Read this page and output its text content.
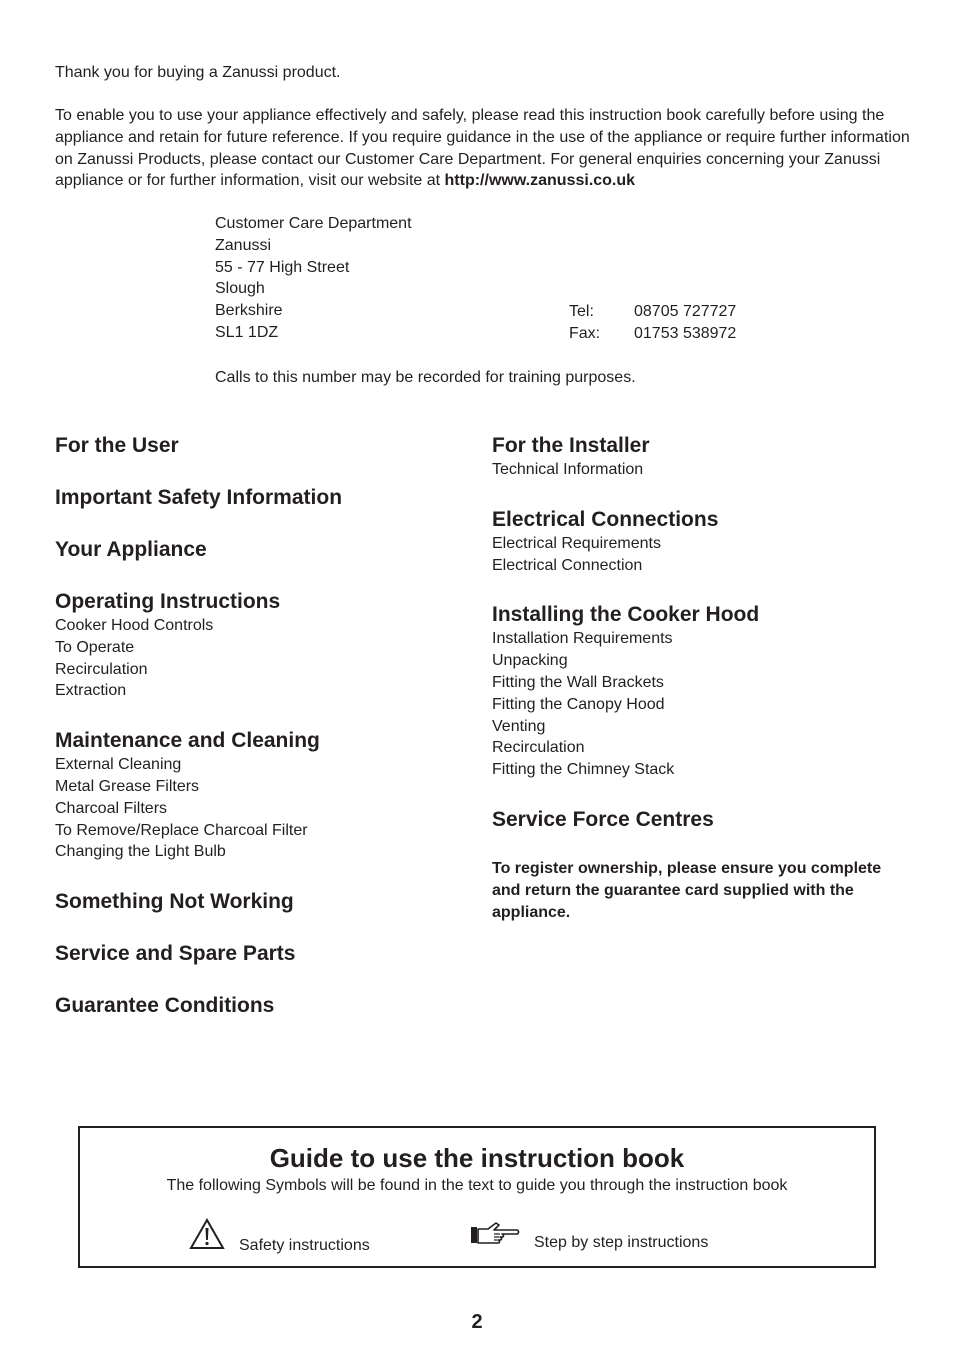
Thank you for buying a Zanussi product.

To enable you to use your appliance effectively and safely, please read this instruction book carefully before using the appliance and retain for future reference. If you require guidance in the use of the appliance or require further information on Zanussi Products, please contact our Customer Care Department. For general enquiries concerning your Zanussi appliance or for further information, visit our website at http://www.zanussi.co.uk

Customer Care Department
Zanussi
55 - 77 High Street
Slough
Berkshire
SL1 1DZ
Tel:	08705 727727
Fax:	01753 538972

Calls to this number may be recorded for training purposes.

For the User

Important Safety Information

Your Appliance

Operating Instructions

Cooker Hood Controls

To Operate

Recirculation

Extraction

Maintenance and Cleaning

External Cleaning

Metal Grease Filters

Charcoal Filters

To Remove/Replace Charcoal Filter

Changing the Light Bulb

Something Not Working

Service and Spare Parts

Guarantee Conditions

For the Installer

Technical Information

Electrical Connections

Electrical Requirements

Electrical Connection

Installing the Cooker Hood

Installation Requirements

Unpacking

Fitting the Wall Brackets

Fitting the Canopy Hood

Venting

Recirculation

Fitting the Chimney Stack

Service Force Centres

To register ownership, please ensure you complete and return the guarantee card supplied with the appliance.
Guide to use the instruction book
The following Symbols will be found in the text to guide you through the instruction book
Safety instructions	Step by step instructions
2
